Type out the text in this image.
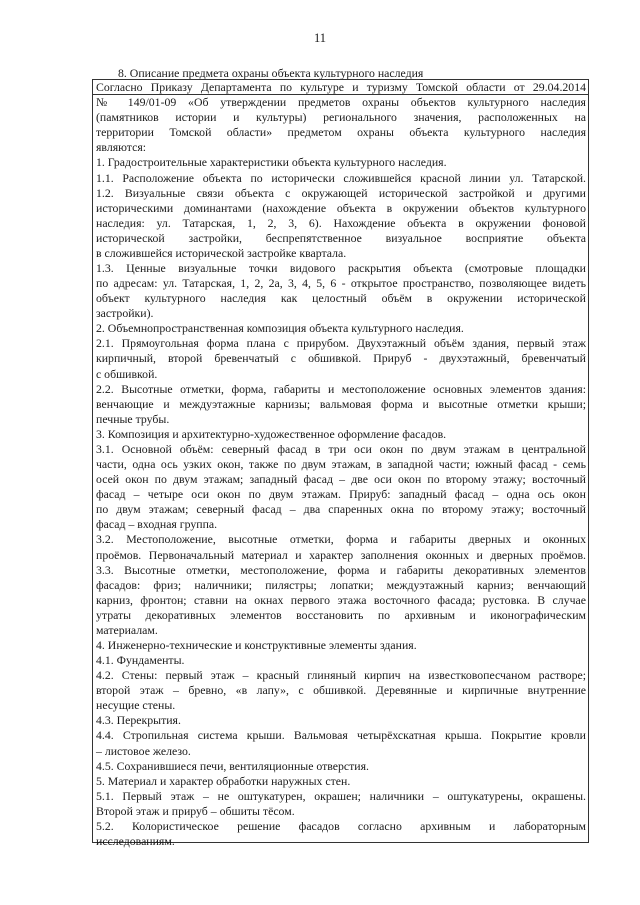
11
8. Описание предмета охраны объекта культурного наследия
Согласно Приказу Департамента по культуре и туризму Томской области от 29.04.2014
№ 149/01-09 «Об утверждении предметов охраны объектов культурного наследия
(памятников истории и культуры) регионального значения, расположенных на
территории Томской области» предметом охраны объекта культурного наследия
являются:
1. Градостроительные характеристики объекта культурного наследия.
1.1. Расположение объекта по исторически сложившейся красной линии ул. Татарской.
1.2. Визуальные связи объекта с окружающей исторической застройкой и другими
историческими доминантами (нахождение объекта в окружении объектов культурного
наследия: ул. Татарская, 1, 2, 3, 6). Нахождение объекта в окружении фоновой
исторической застройки, беспрепятственное визуальное восприятие объекта
в сложившейся исторической застройке квартала.
1.3. Ценные визуальные точки видового раскрытия объекта (смотровые площадки
по адресам: ул. Татарская, 1, 2, 2а, 3, 4, 5, 6 - открытое пространство, позволяющее видеть
объект культурного наследия как целостный объём в окружении исторической
застройки).
2. Объемнопространственная композиция объекта культурного наследия.
2.1. Прямоугольная форма плана с прирубом. Двухэтажный объём здания, первый этаж
кирпичный, второй бревенчатый с обшивкой. Прируб - двухэтажный, бревенчатый
с обшивкой.
2.2. Высотные отметки, форма, габариты и местоположение основных элементов здания:
венчающие и междуэтажные карнизы; вальмовая форма и высотные отметки крыши;
печные трубы.
3. Композиция и архитектурно-художественное оформление фасадов.
3.1. Основной объём: северный фасад в три оси окон по двум этажам в центральной
части, одна ось узких окон, также по двум этажам, в западной части; южный фасад - семь
осей окон по двум этажам; западный фасад – две оси окон по второму этажу; восточный
фасад – четыре оси окон по двум этажам. Прируб: западный фасад – одна ось окон
по двум этажам; северный фасад – два спаренных окна по второму этажу; восточный
фасад – входная группа.
3.2. Местоположение, высотные отметки, форма и габариты дверных и оконных
проёмов. Первоначальный материал и характер заполнения оконных и дверных проёмов.
3.3. Высотные отметки, местоположение, форма и габариты декоративных элементов
фасадов: фриз; наличники; пилястры; лопатки; междуэтажный карниз; венчающий
карниз, фронтон; ставни на окнах первого этажа восточного фасада; рустовка. В случае
утраты декоративных элементов восстановить по архивным и иконографическим
материалам.
4. Инженерно-технические и конструктивные элементы здания.
4.1. Фундаменты.
4.2. Стены: первый этаж – красный глиняный кирпич на известковопесчаном растворе;
второй этаж – бревно, «в лапу», с обшивкой. Деревянные и кирпичные внутренние
несущие стены.
4.3. Перекрытия.
4.4. Стропильная система крыши. Вальмовая четырёхскатная крыша. Покрытие кровли
– листовое железо.
4.5. Сохранившиеся печи, вентиляционные отверстия.
5. Материал и характер обработки наружных стен.
5.1. Первый этаж – не оштукатурен, окрашен; наличники – оштукатурены, окрашены.
Второй этаж и прируб – обшиты тёсом.
5.2. Колористическое решение фасадов согласно архивным и лабораторным
исследованиям.
